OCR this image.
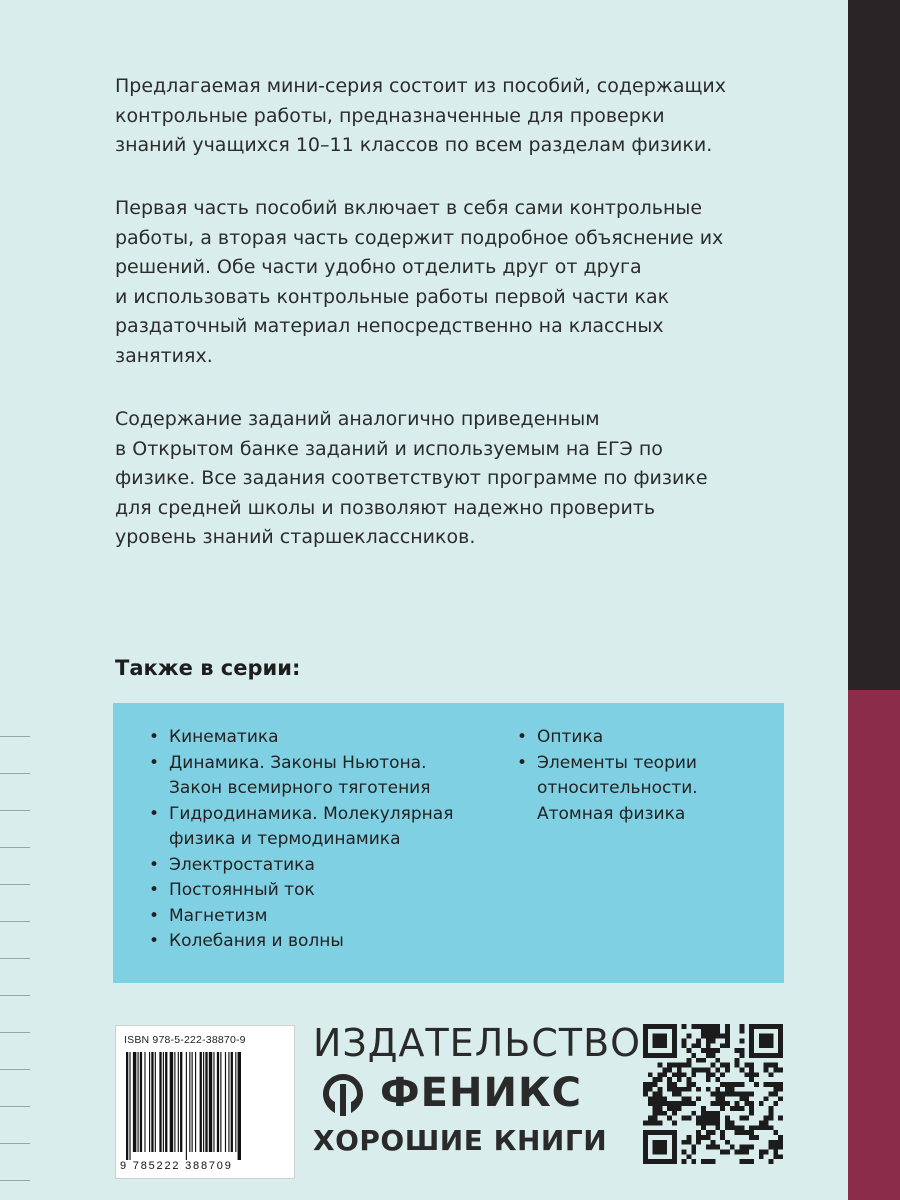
Предлагаемая мини-серия состоит из пособий, содержащих
контрольные работы, предназначенные для проверки
знаний учащихся 10–11 классов по всем разделам физики.
Первая часть пособий включает в себя сами контрольные
работы, а вторая часть содержит подробное объяснение их
решений. Обе части удобно отделить друг от друга
и использовать контрольные работы первой части как
раздаточный материал непосредственно на классных
занятиях.
Содержание заданий аналогично приведенным
в Открытом банке заданий и используемым на ЕГЭ по
физике. Все задания соответствуют программе по физике
для средней школы и позволяют надежно проверить
уровень знаний старшеклассников.
Также в серии:
• Кинематика
• Динамика. Законы Ньютона.
Закон всемирного тяготения
• Гидродинамика. Молекулярная
физика и термодинамика
• Электростатика
• Постоянный ток
• Магнетизм
• Колебания и волны
• Оптика
• Элементы теории
относительности.
Атомная физика
ISBN 978-5-222-38870-9
9 785222 388709
ИЗДАТЕЛЬСТВО
ФЕНИКС
ХОРОШИЕ КНИГИ
